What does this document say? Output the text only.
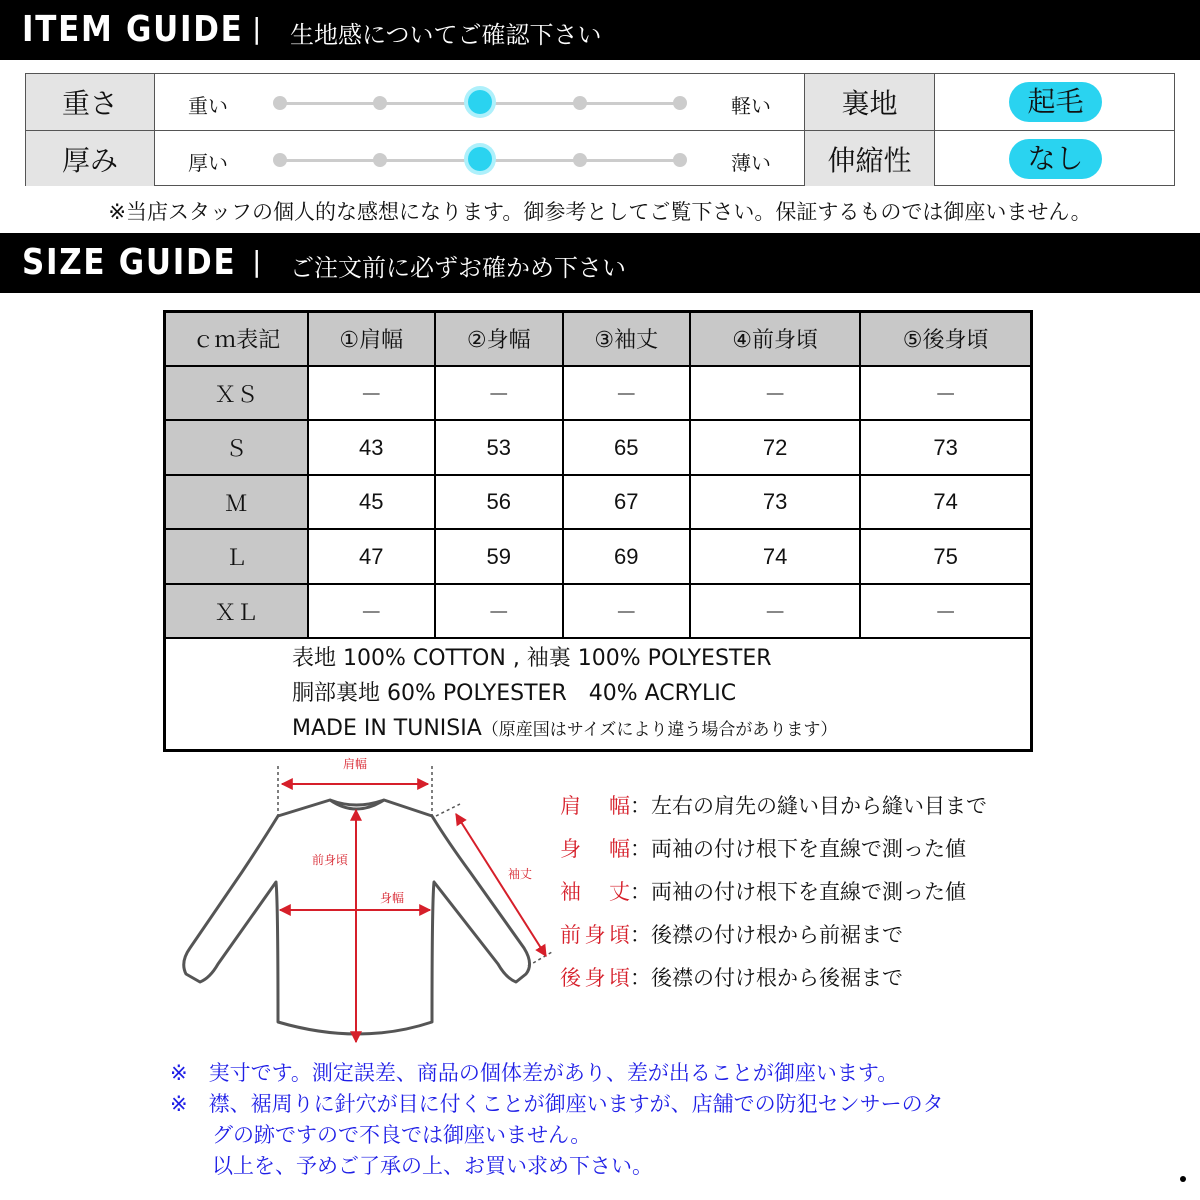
ITEM GUIDE | 生地感についてご確認下さい
重さ	重い	軽い	裏地	起毛
厚み	厚い	薄い	伸縮性	なし
※当店スタッフの個人的な感想になります。御参考としてご覧下さい。保証するものでは御座いません。
SIZE GUIDE | ご注文前に必ずお確かめ下さい
ｃｍ表記	①肩幅	②身幅	③袖丈	④前身頃	⑤後身頃
ＸＳ	－	－	－	－	－
Ｓ	43	53	65	72	73
Ｍ	45	56	67	73	74
Ｌ	47	59	69	74	75
ＸＬ	－	－	－	－	－

表地 100% COTTON , 袖裏 100% POLYESTER
胴部裏地 60% POLYESTER　40% ACRYLIC
MADE IN TUNISIA（原産国はサイズにより違う場合があります）					
肩幅
前身頃
身幅
袖丈
肩　幅：左右の肩先の縫い目から縫い目まで
身　幅：両袖の付け根下を直線で測った値
袖　丈：両袖の付け根下を直線で測った値
前身頃：後襟の付け根から前裾まで
後身頃：後襟の付け根から後裾まで
※　実寸です。測定誤差、商品の個体差があり、差が出ることが御座います。
※　襟、裾周りに針穴が目に付くことが御座いますが、店舗での防犯センサーのタ
　　グの跡ですので不良では御座いません。
　　以上を、予めご了承の上、お買い求め下さい。
